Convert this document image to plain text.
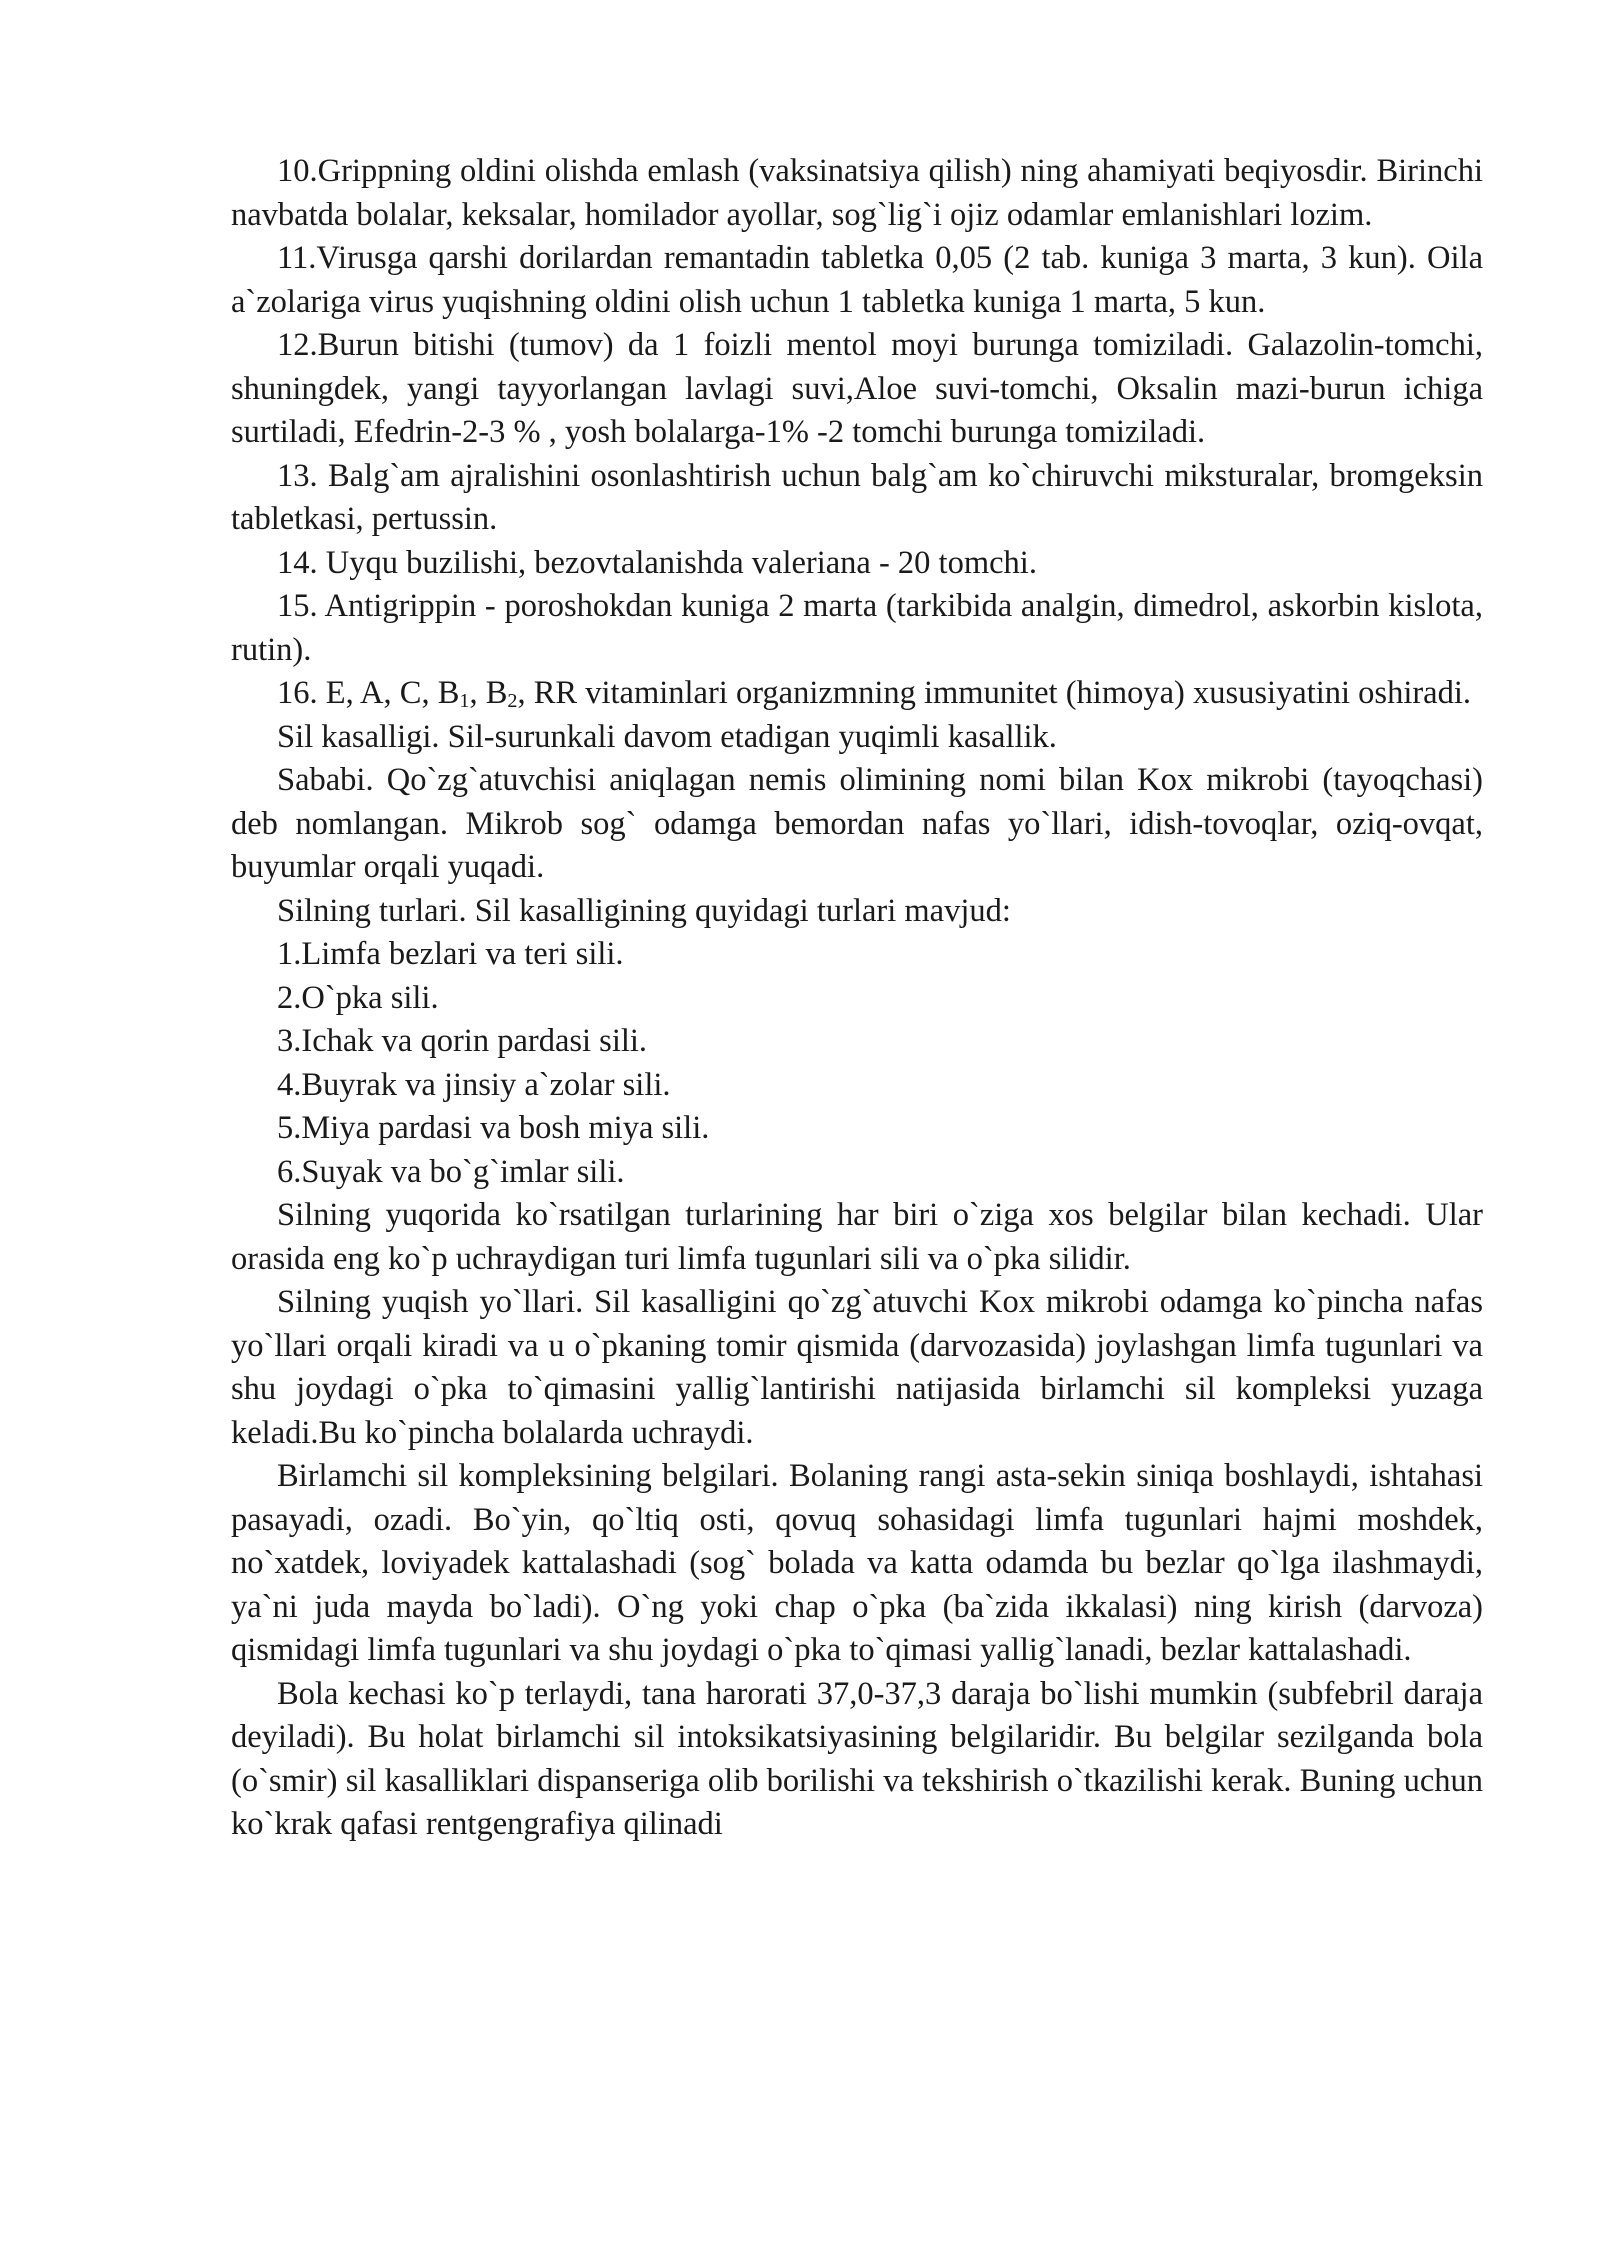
10.Grippning oldini olishda emlash (vaksinatsiya qilish) ning ahamiyati beqiyosdir. Birinchi navbatda bolalar, keksalar, homilador ayollar, sog`lig`i ojiz odamlar emlanishlari lozim.

11.Virusga qarshi dorilardan remantadin tabletka 0,05 (2 tab. kuniga 3 marta, 3 kun). Oila a`zolariga virus yuqishning oldini olish uchun 1 tabletka kuniga 1 marta, 5 kun.

12.Burun bitishi (tumov) da 1 foizli mentol moyi burunga tomiziladi. Galazolin-tomchi, shuningdek, yangi tayyorlangan lavlagi suvi,Aloe suvi-tomchi, Oksalin mazi-burun ichiga surtiladi, Efedrin-2-3 % , yosh bolalarga-1% -2 tomchi burunga tomiziladi.

13. Balg`am ajralishini osonlashtirish uchun balg`am ko`chiruvchi miksturalar, bromgeksin tabletkasi, pertussin.

14. Uyqu buzilishi, bezovtalanishda valeriana - 20 tomchi.

15. Antigrippin - poroshokdan kuniga 2 marta (tarkibida analgin, dimedrol, askorbin kislota, rutin).

16. E, A, C, $B_1$, $B_2$, RR vitaminlari organizmning immunitet (himoya) xususiyatini oshiradi.

Sil kasalligi. Sil-surunkali davom etadigan yuqimli kasallik.

Sababi. Qo`zg`atuvchisi aniqlagan nemis olimining nomi bilan Kox mikrobi (tayoqchasi) deb nomlangan. Mikrob sog` odamga bemordan nafas yo`llari, idish-tovoqlar, oziq-ovqat, buyumlar orqali yuqadi.

Silning turlari. Sil kasalligining quyidagi turlari mavjud:

1.Limfa bezlari va teri sili.

2.O`pka sili.

3.Ichak va qorin pardasi sili.

4.Buyrak va jinsiy a`zolar sili.

5.Miya pardasi va bosh miya sili.

6.Suyak va bo`g`imlar sili.

Silning yuqorida ko`rsatilgan turlarining har biri o`ziga xos belgilar bilan kechadi. Ular orasida eng ko`p uchraydigan turi limfa tugunlari sili va o`pka silidir.

Silning yuqish yo`llari. Sil kasalligini qo`zg`atuvchi Kox mikrobi odamga ko`pincha nafas yo`llari orqali kiradi va u o`pkaning tomir qismida (darvozasida) joylashgan limfa tugunlari va shu joydagi o`pka to`qimasini yallig`lantirishi natijasida birlamchi sil kompleksi yuzaga keladi.Bu ko`pincha bolalarda uchraydi.

Birlamchi sil kompleksining belgilari. Bolaning rangi asta-sekin siniqa boshlaydi, ishtahasi pasayadi, ozadi. Bo`yin, qo`ltiq osti, qovuq sohasidagi limfa tugunlari hajmi moshdek, no`xatdek, loviyadek kattalashadi (sog` bolada va katta odamda bu bezlar qo`lga ilashmaydi, ya`ni juda mayda bo`ladi). O`ng yoki chap o`pka (ba`zida ikkalasi) ning kirish (darvoza) qismidagi limfa tugunlari va shu joydagi o`pka to`qimasi yallig`lanadi, bezlar kattalashadi.

Bola kechasi ko`p terlaydi, tana harorati 37,0-37,3 daraja bo`lishi mumkin (subfebril daraja deyiladi). Bu holat birlamchi sil intoksikatsiyasining belgilaridir. Bu belgilar sezilganda bola (o`smir) sil kasalliklari dispanseriga olib borilishi va tekshirish o`tkazilishi kerak. Buning uchun ko`krak qafasi rentgengrafiya qilinadi
